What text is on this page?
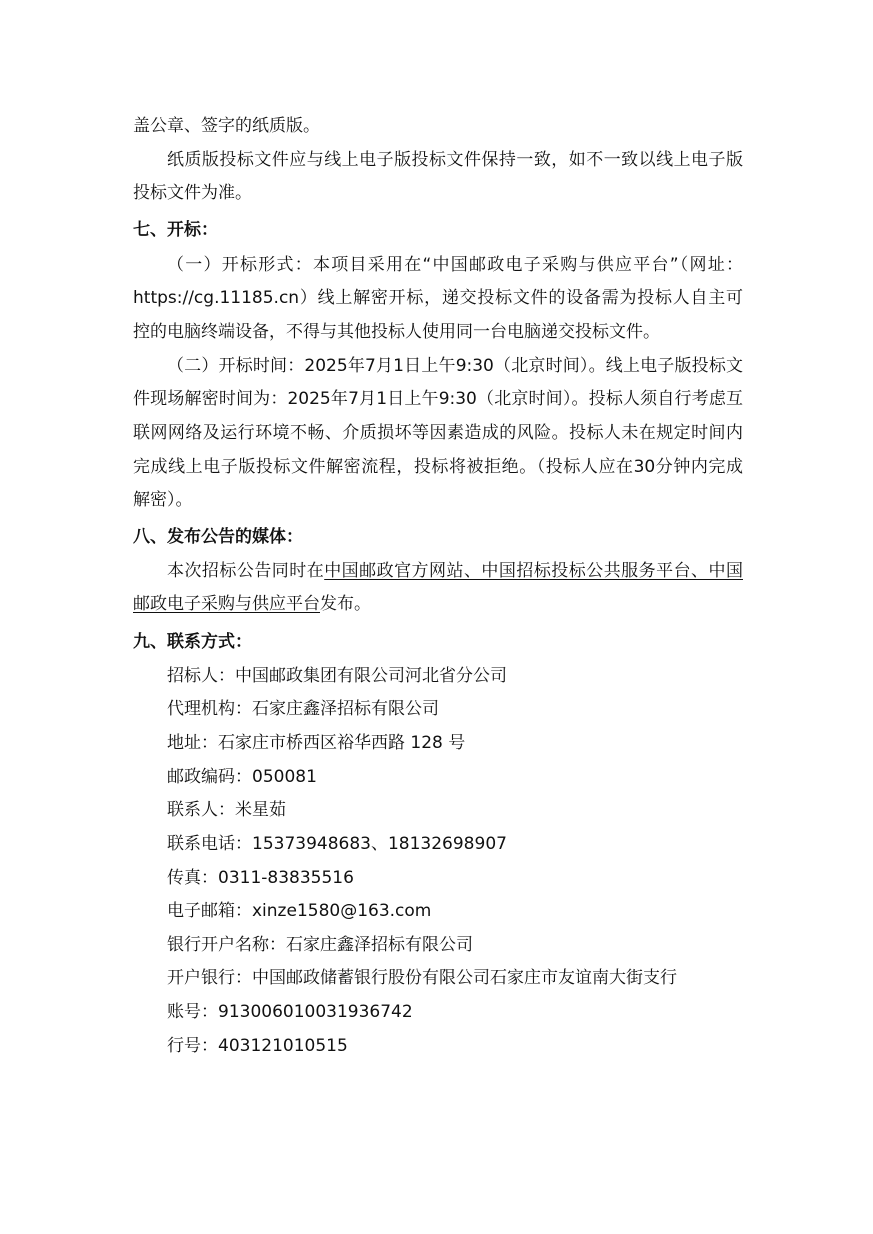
盖公章、签字的纸质版。
纸质版投标文件应与线上电子版投标文件保持一致，如不一致以线上电子版
投标文件为准。
七、开标：
（一）开标形式：本项目采用在“中国邮政电子采购与供应平台”（网址：
https://cg.11185.cn）线上解密开标，递交投标文件的设备需为投标人自主可
控的电脑终端设备，不得与其他投标人使用同一台电脑递交投标文件。
（二）开标时间：2025年7月1日上午9:30（北京时间）。线上电子版投标文
件现场解密时间为：2025年7月1日上午9:30（北京时间）。投标人须自行考虑互
联网网络及运行环境不畅、介质损坏等因素造成的风险。投标人未在规定时间内
完成线上电子版投标文件解密流程，投标将被拒绝。（投标人应在30分钟内完成
解密）。
八、发布公告的媒体：
本次招标公告同时在中国邮政官方网站、中国招标投标公共服务平台、中国
邮政电子采购与供应平台发布。
九、联系方式：
招标人：中国邮政集团有限公司河北省分公司
代理机构：石家庄鑫泽招标有限公司
地址：石家庄市桥西区裕华西路 128 号
邮政编码：050081
联系人：米星茹
联系电话：15373948683、18132698907
传真：0311-83835516
电子邮箱：xinze1580@163.com
银行开户名称：石家庄鑫泽招标有限公司
开户银行：中国邮政储蓄银行股份有限公司石家庄市友谊南大街支行
账号：913006010031936742
行号：403121010515
